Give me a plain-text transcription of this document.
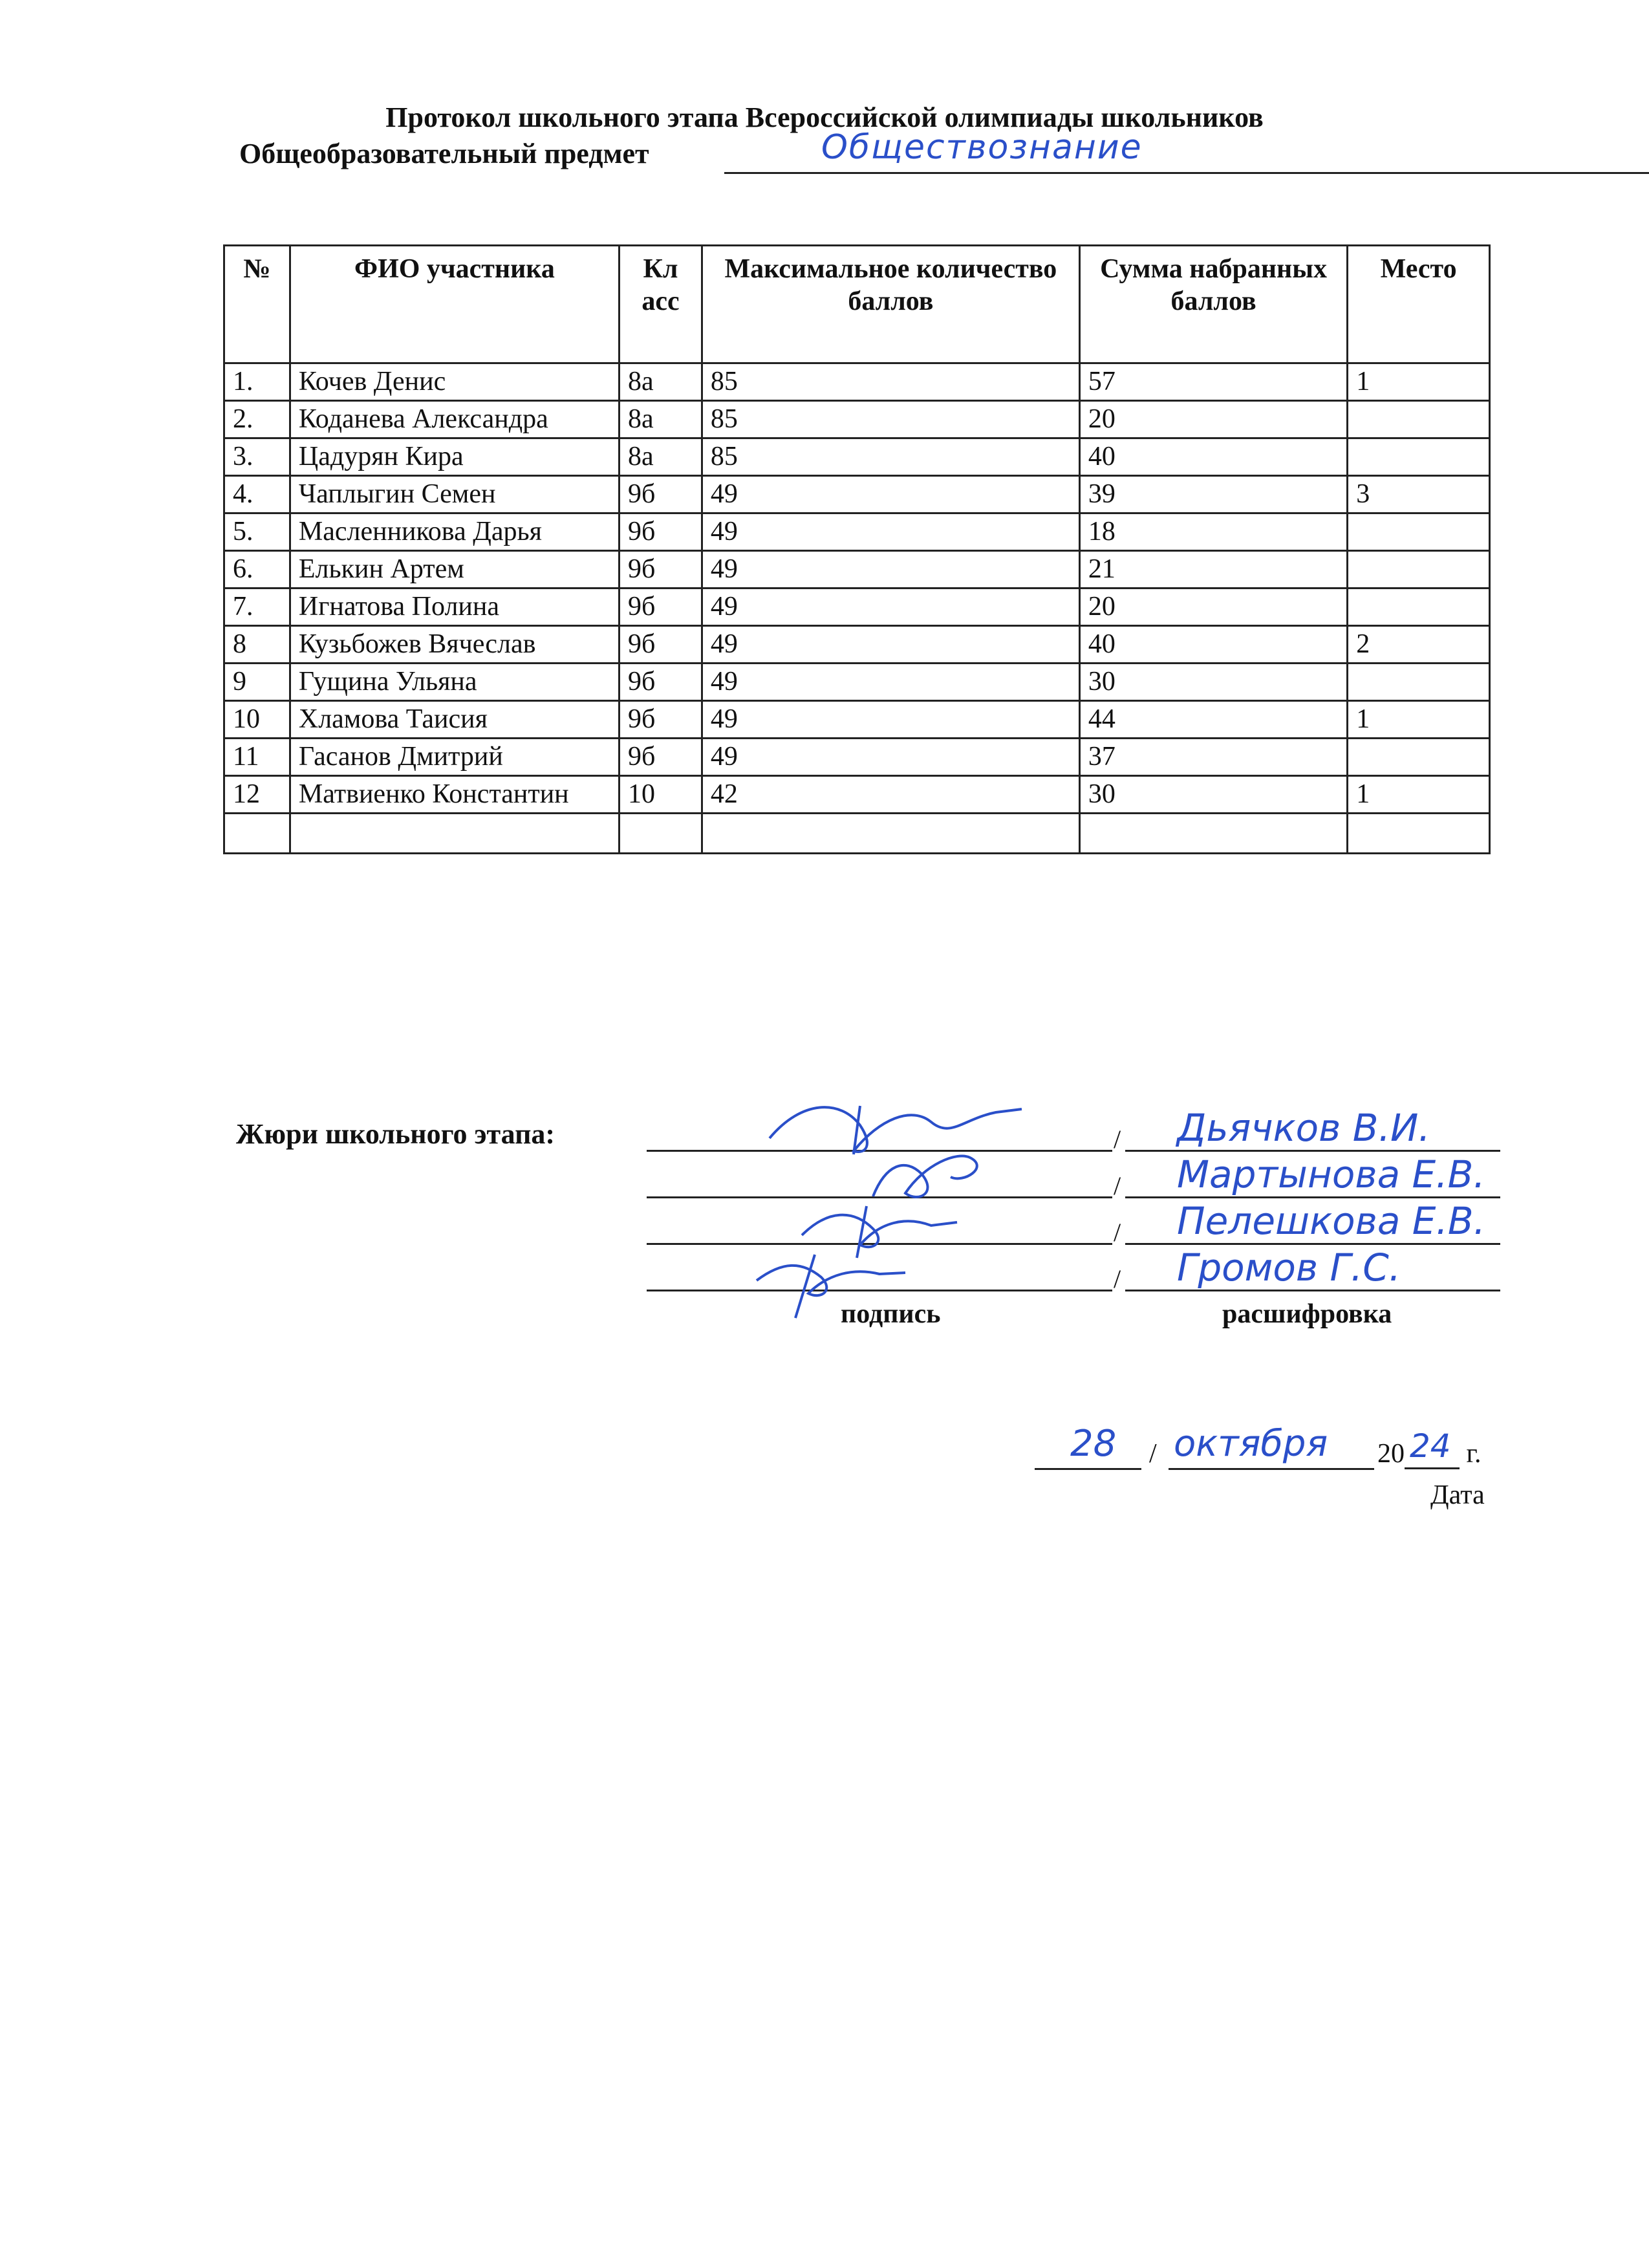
Протокол школьного этапа Всероссийской олимпиады школьников
Общеобразовательный предмет	Обществознание
№	ФИО участника	Кл асс	Максимальное количество баллов	Сумма набранных баллов	Место
1.	Кочев Денис	8а	85	57	1
2.	Коданева Александра	8а	85	20	
3.	Цадурян Кира	8а	85	40	
4.	Чаплыгин Семен	9б	49	39	3
5.	Масленникова Дарья	9б	49	18	
6.	Елькин Артем	9б	49	21	
7.	Игнатова Полина	9б	49	20	
8	Кузьбожев Вячеслав	9б	49	40	2
9	Гущина Ульяна	9б	49	30	
10	Хламова Таисия	9б	49	44	1
11	Гасанов Дмитрий	9б	49	37	
12	Матвиенко Константин	10	42	30	1

Жюри школьного этапа:	/ Дьячков В.И.
/ Мартынова Е.В.
/ Пелешкова Е.В.
/ Громов Г.С.
подпись	расшифровка
28 / октября 20 24 г.
Дата
